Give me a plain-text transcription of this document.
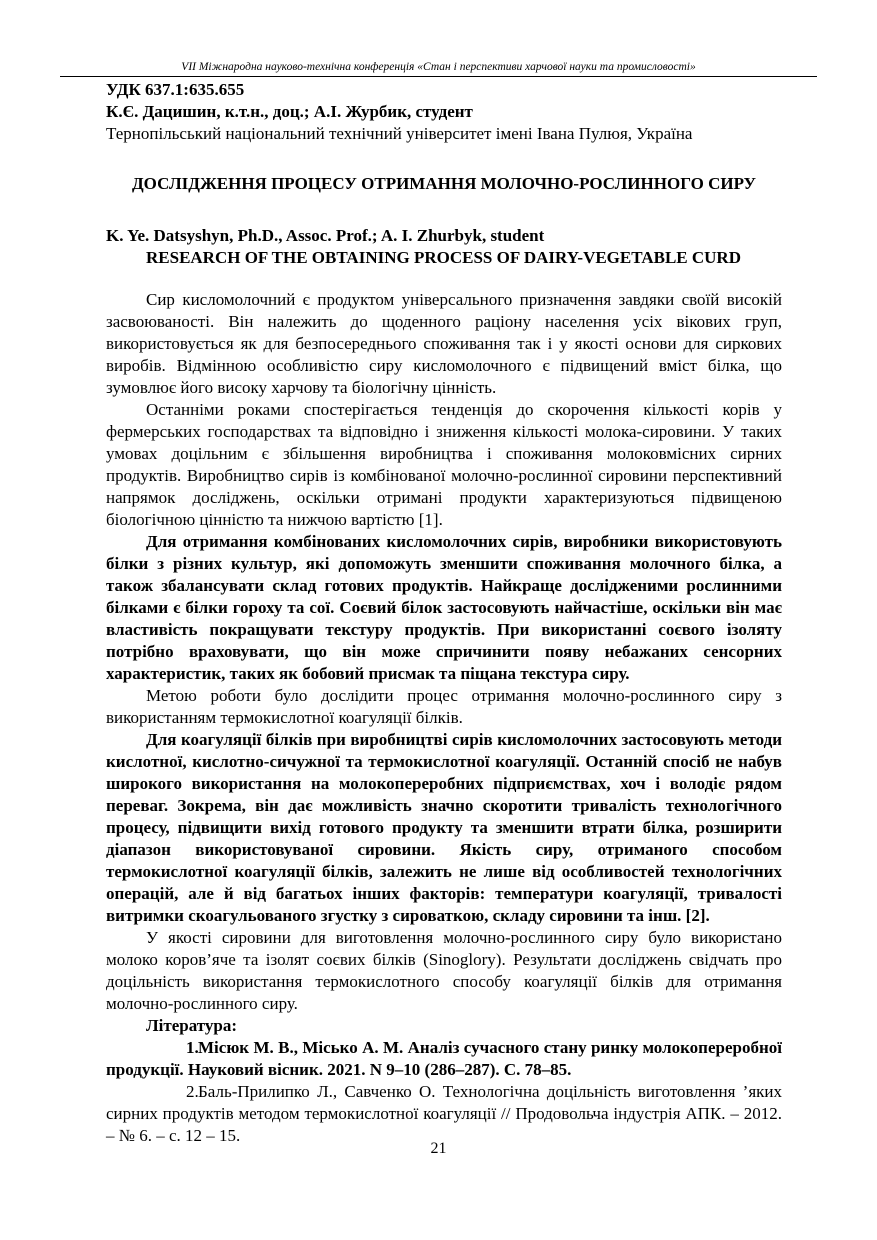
VII Міжнародна науково-технічна конференція «Стан і перспективи харчової науки та промисловості»

УДК 637.1:635.655

К.Є. Дацишин, к.т.н., доц.; А.І. Журбик, студент

Тернопільський національний технічний університет імені Івана Пулюя, Україна

ДОСЛІДЖЕННЯ ПРОЦЕСУ ОТРИМАННЯ МОЛОЧНО-РОСЛИННОГО СИРУ

K. Ye. Datsyshyn, Ph.D., Assoc. Prof.; A. I. Zhurbyk, student

RESEARCH OF THE OBTAINING PROCESS OF DAIRY-VEGETABLE CURD

Сир кисломолочний є продуктом універсального призначення завдяки своїй високій засвоюваності. Він належить до щоденного раціону населення усіх вікових груп, використовується як для безпосереднього споживання так і у якості основи для сиркових виробів. Відмінною особливістю сиру кисломолочного є підвищений вміст білка, що зумовлює його високу харчову та біологічну цінність.

Останніми роками спостерігається тенденція до скорочення кількості корів у фермерських господарствах та відповідно і зниження кількості молока-сировини. У таких умовах доцільним є збільшення виробництва і споживання молоковмісних сирних продуктів. Виробництво сирів із комбінованої молочно-рослинної сировини перспективний напрямок досліджень, оскільки отримані продукти характеризуються підвищеною біологічною цінністю та нижчою вартістю [1].

Для отримання комбінованих кисломолочних сирів, виробники використовують білки з різних культур, які допоможуть зменшити споживання молочного білка, а також збалансувати склад готових продуктів. Найкраще дослідженими рослинними білками є білки гороху та сої. Соєвий білок застосовують найчастіше, оскільки він має властивість покращувати текстуру продуктів. При використанні соєвого ізоляту потрібно враховувати, що він може спричинити появу небажаних сенсорних характеристик, таких як бобовий присмак та піщана текстура сиру.

Метою роботи було дослідити процес отримання молочно-рослинного сиру з використанням термокислотної коагуляції білків.

Для коагуляції білків при виробництві сирів кисломолочних застосовують методи кислотної, кислотно-сичужної та термокислотної коагуляції. Останній спосіб не набув широкого використання на молокопереробних підприємствах, хоч і володіє рядом переваг. Зокрема, він дає можливість значно скоротити тривалість технологічного процесу, підвищити вихід готового продукту та зменшити втрати білка, розширити діапазон використовуваної сировини. Якість сиру, отриманого способом термокислотної коагуляції білків, залежить не лише від особливостей технологічних операцій, але й від багатьох інших факторів: температури коагуляції, тривалості витримки скоагульованого згустку з сироваткою, складу сировини та інш. [2].

У якості сировини для виготовлення молочно-рослинного сиру було використано молоко коров’яче та ізолят соєвих білків (Sinoglory). Результати досліджень свідчать про доцільність використання термокислотного способу коагуляції білків для отримання молочно-рослинного сиру.

Література:

1.Місюк М. В., Місько А. М. Аналіз сучасного стану ринку молокопереробної продукції. Науковий вісник. 2021. N 9–10 (286–287). С. 78–85.

2.Баль-Прилипко Л., Савченко О. Технологічна доцільність виготовлення ’яких сирних продуктів методом термокислотної коагуляції // Продовольча індустрія АПК. – 2012. – № 6. – с. 12 – 15.

21
